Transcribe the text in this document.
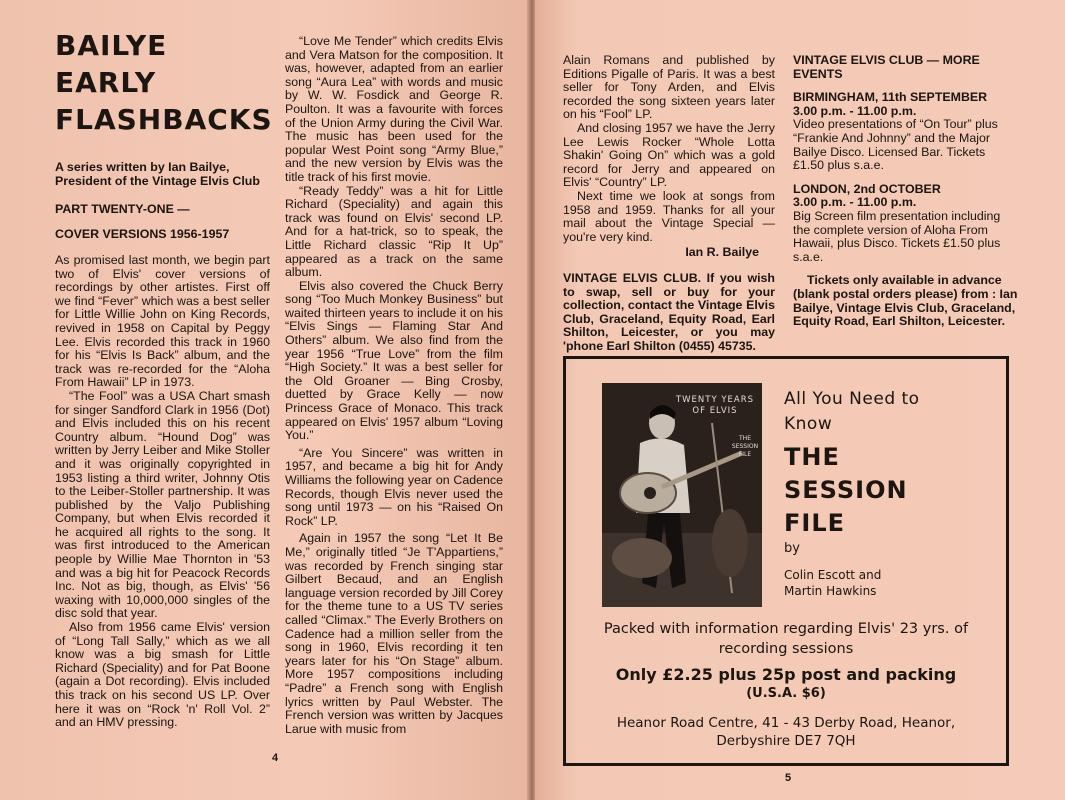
BAILYE
EARLY
FLASHBACKS
A series written by Ian Bailye, President of the Vintage Elvis Club
PART TWENTY-ONE —
COVER VERSIONS 1956-1957

As promised last month, we begin part two of Elvis' cover versions of recordings by other artistes. First off we find “Fever” which was a best seller for Little Willie John on King Records, revived in 1958 on Capital by Peggy Lee. Elvis recorded this track in 1960 for his “Elvis Is Back” album, and the track was re-recorded for the “Aloha From Hawaii” LP in 1973.

“The Fool” was a USA Chart smash for singer Sandford Clark in 1956 (Dot) and Elvis included this on his recent Country album. “Hound Dog” was written by Jerry Leiber and Mike Stoller and it was originally copyrighted in 1953 listing a third writer, Johnny Otis to the Leiber-Stoller partnership. It was published by the Valjo Publishing Company, but when Elvis recorded it he acquired all rights to the song. It was first introduced to the American people by Willie Mae Thornton in '53 and was a big hit for Peacock Records Inc. Not as big, though, as Elvis' '56 waxing with 10,000,000 singles of the disc sold that year.

Also from 1956 came Elvis' version of “Long Tall Sally,” which as we all know was a big smash for Little Richard (Speciality) and for Pat Boone (again a Dot recording). Elvis included this track on his second US LP. Over here it was on “Rock 'n' Roll Vol. 2” and an HMV pressing.

“Love Me Tender” which credits Elvis and Vera Matson for the composition. It was, however, adapted from an earlier song “Aura Lea” with words and music by W. W. Fosdick and George R. Poulton. It was a favourite with forces of the Union Army during the Civil War. The music has been used for the popular West Point song “Army Blue,” and the new version by Elvis was the title track of his first movie.

“Ready Teddy” was a hit for Little Richard (Speciality) and again this track was found on Elvis' second LP. And for a hat-trick, so to speak, the Little Richard classic “Rip It Up” appeared as a track on the same album.

Elvis also covered the Chuck Berry song “Too Much Monkey Business” but waited thirteen years to include it on his “Elvis Sings — Flaming Star And Others” album. We also find from the year 1956 “True Love” from the film “High Society.” It was a best seller for the Old Groaner — Bing Crosby, duetted by Grace Kelly — now Princess Grace of Monaco. This track appeared on Elvis' 1957 album “Loving You.”

“Are You Sincere” was written in 1957, and became a big hit for Andy Williams the following year on Cadence Records, though Elvis never used the song until 1973 — on his “Raised On Rock” LP.

Again in 1957 the song “Let It Be Me,” originally titled “Je T'Appartiens,” was recorded by French singing star Gilbert Becaud, and an English language version recorded by Jill Corey for the theme tune to a US TV series called “Climax.” The Everly Brothers on Cadence had a million seller from the song in 1960, Elvis recording it ten years later for his “On Stage” album. More 1957 compositions including “Padre” a French song with English lyrics written by Paul Webster. The French version was written by Jacques Larue with music from

4

Alain Romans and published by Editions Pigalle of Paris. It was a best seller for Tony Arden, and Elvis recorded the song sixteen years later on his “Fool” LP.

And closing 1957 we have the Jerry Lee Lewis Rocker “Whole Lotta Shakin' Going On” which was a gold record for Jerry and appeared on Elvis' “Country” LP.

Next time we look at songs from 1958 and 1959. Thanks for all your mail about the Vintage Special — you're very kind.

Ian R. Bailye
VINTAGE ELVIS CLUB. If you wish to swap, sell or buy for your collection, contact the Vintage Elvis Club, Graceland, Equity Road, Earl Shilton, Leicester, or you may 'phone Earl Shilton (0455) 45735.
VINTAGE ELVIS CLUB — MORE EVENTS
BIRMINGHAM, 11th SEPTEMBER
3.00 p.m. - 11.00 p.m.
Video presentations of “On Tour” plus “Frankie And Johnny” and the Major Bailye Disco. Licensed Bar. Tickets £1.50 plus s.a.e.
LONDON, 2nd OCTOBER
3.00 p.m. - 11.00 p.m.
Big Screen film presentation including the complete version of Aloha From Hawaii, plus Disco. Tickets £1.50 plus s.a.e.
Tickets only available in advance (blank postal orders please) from : Ian Bailye, Vintage Elvis Club, Graceland, Equity Road, Earl Shilton, Leicester.
TWENTY YEARS OF ELVIS
THE SESSION FILE
All You Need to Know
THE
SESSION
FILE
by
Colin Escott and
Martin Hawkins
Packed with information regarding Elvis' 23 yrs. of recording sessions
Only £2.25 plus 25p post and packing
(U.S.A. $6)
Heanor Road Centre, 41 - 43 Derby Road, Heanor,
Derbyshire DE7 7QH
5
